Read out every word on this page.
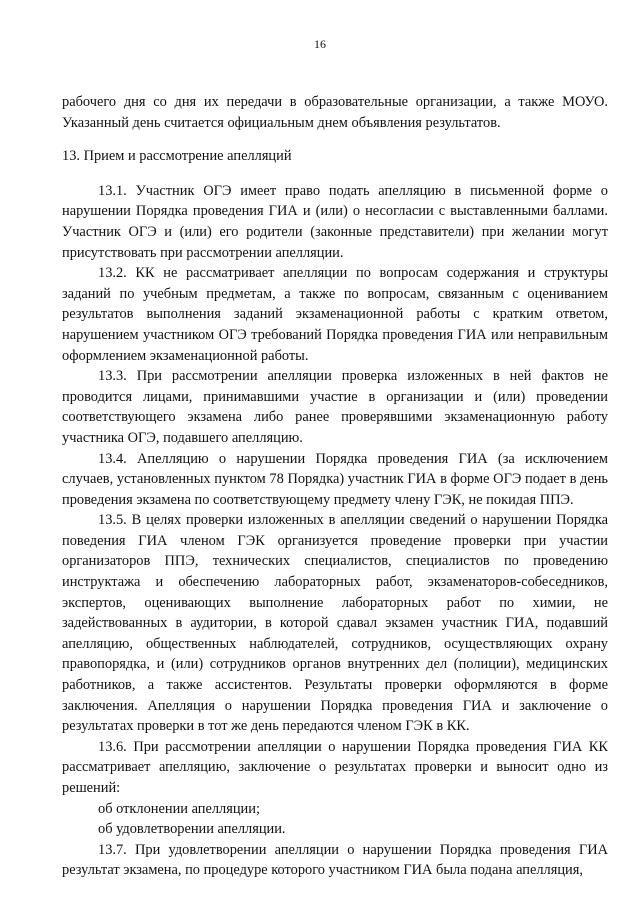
16

рабочего дня со дня их передачи в образовательные организации, а также МОУО. Указанный день считается официальным днем объявления результатов.

13. Прием и рассмотрение апелляций

13.1. Участник ОГЭ имеет право подать апелляцию в письменной форме о нарушении Порядка проведения ГИА и (или) о несогласии с выставленными баллами. Участник ОГЭ и (или) его родители (законные представители) при желании могут присутствовать при рассмотрении апелляции.

13.2. КК не рассматривает апелляции по вопросам содержания и структуры заданий по учебным предметам, а также по вопросам, связанным с оцениванием результатов выполнения заданий экзаменационной работы с кратким ответом, нарушением участником ОГЭ требований Порядка проведения ГИА или неправильным оформлением экзаменационной работы.

13.3. При рассмотрении апелляции проверка изложенных в ней фактов не проводится лицами, принимавшими участие в организации и (или) проведении соответствующего экзамена либо ранее проверявшими экзаменационную работу участника ОГЭ, подавшего апелляцию.

13.4. Апелляцию о нарушении Порядка проведения ГИА (за исключением случаев, установленных пунктом 78 Порядка) участник ГИА в форме ОГЭ подает в день проведения экзамена по соответствующему предмету члену ГЭК, не покидая ППЭ.

13.5. В целях проверки изложенных в апелляции сведений о нарушении Порядка поведения ГИА членом ГЭК организуется проведение проверки при участии организаторов ППЭ, технических специалистов, специалистов по проведению инструктажа и обеспечению лабораторных работ, экзаменаторов-собеседников, экспертов, оценивающих выполнение лабораторных работ по химии, не задействованных в аудитории, в которой сдавал экзамен участник ГИА, подавший апелляцию, общественных наблюдателей, сотрудников, осуществляющих охрану правопорядка, и (или) сотрудников органов внутренних дел (полиции), медицинских работников, а также ассистентов. Результаты проверки оформляются в форме заключения. Апелляция о нарушении Порядка проведения ГИА и заключение о результатах проверки в тот же день передаются членом ГЭК в КК.

13.6. При рассмотрении апелляции о нарушении Порядка проведения ГИА КК рассматривает апелляцию, заключение о результатах проверки и выносит одно из решений:

об отклонении апелляции;

об удовлетворении апелляции.

13.7. При удовлетворении апелляции о нарушении Порядка проведения ГИА результат экзамена, по процедуре которого участником ГИА была подана апелляция,
